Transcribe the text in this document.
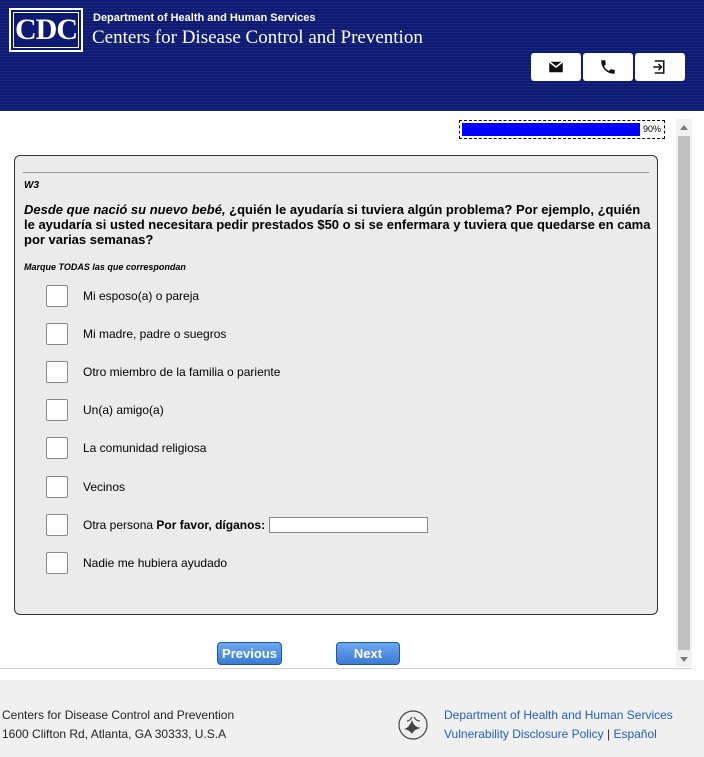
CDC Department of Health and Human Services
Centers for Disease Control and Prevention
90%
W3
Desde que nació su nuevo bebé, ¿quién le ayudaría si tuviera algún problema? Por ejemplo, ¿quién le ayudaría si usted necesitara pedir prestados $50 o si se enfermara y tuviera que quedarse en cama por varias semanas?
Marque TODAS las que correspondan
Mi esposo(a) o pareja
Mi madre, padre o suegros
Otro miembro de la familia o pariente
Un(a) amigo(a)
La comunidad religiosa
Vecinos
Otra persona Por favor, díganos:
Nadie me hubiera ayudado
Previous	Next
Centers for Disease Control and Prevention
1600 Clifton Rd, Atlanta, GA 30333, U.S.A
Department of Health and Human Services
Vulnerability Disclosure Policy | Español
